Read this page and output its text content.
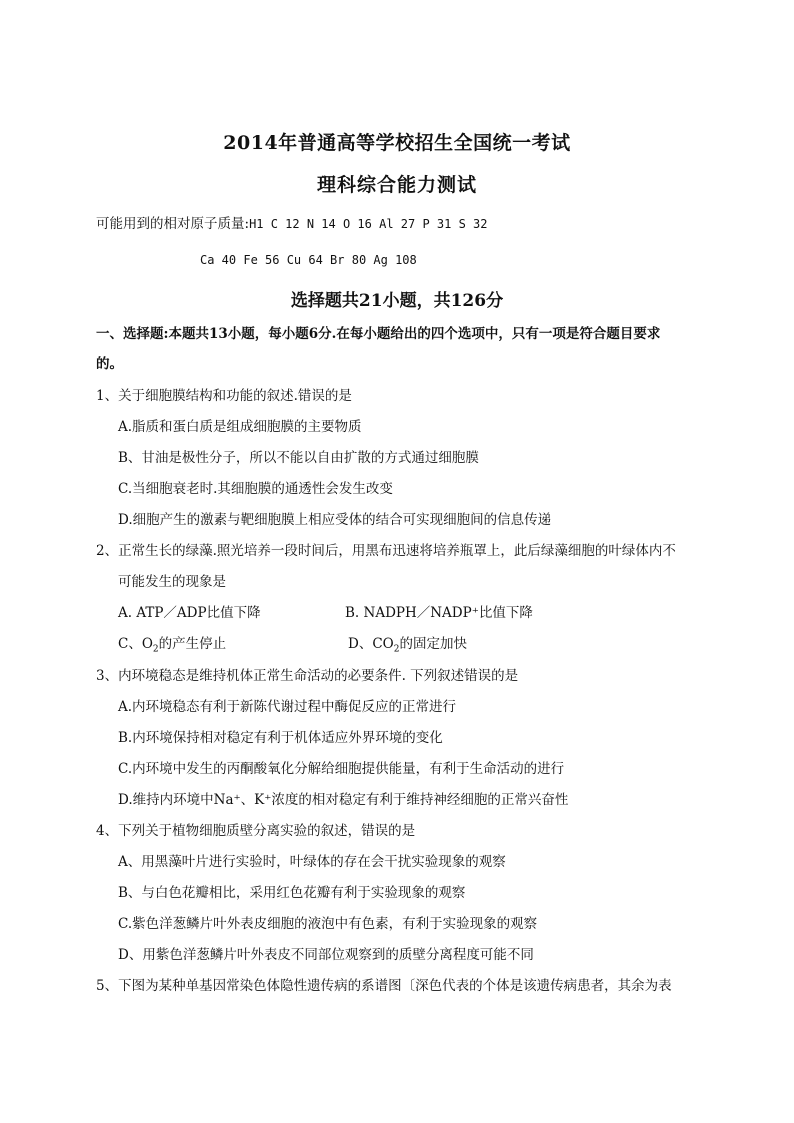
2014年普通高等学校招生全国统一考试
理科综合能力测试
可能用到的相对原子质量:H1 C 12 N 14 O 16 Al 27 P 31 S 32
Ca 40 Fe 56 Cu 64 Br 80 Ag 108
选择题共21小题，共126分
一、选择题:本题共13小题，每小题6分.在每小题给出的四个选项中，只有一项是符合题目要求
的。
1、关于细胞膜结构和功能的叙述.错误的是
A.脂质和蛋白质是组成细胞膜的主要物质
B、甘油是极性分子，所以不能以自由扩散的方式通过细胞膜
C.当细胞衰老时.其细胞膜的通透性会发生改变
D.细胞产生的激素与靶细胞膜上相应受体的结合可实现细胞间的信息传递
2、正常生长的绿藻.照光培养一段时间后，用黑布迅速将培养瓶罩上，此后绿藻细胞的叶绿体内不
可能发生的现象是
A. ATP／ADP比值下降	B. NADPH／NADP⁺比值下降
C、$O_2$的产生停止	D、$CO_2$的固定加快
3、内环境稳态是维持机体正常生命活动的必要条件. 下列叙述错误的是
A.内环境稳态有利于新陈代谢过程中酶促反应的正常进行
B.内环境保持相对稳定有利于机体适应外界环境的变化
C.内环境中发生的丙酮酸氧化分解给细胞提供能量，有利于生命活动的进行
D.维持内环境中Na⁺、K⁺浓度的相对稳定有利于维持神经细胞的正常兴奋性
4、下列关于植物细胞质壁分离实验的叙述，错误的是
A、用黑藻叶片进行实验时，叶绿体的存在会干扰实验现象的观察
B、与白色花瓣相比，采用红色花瓣有利于实验现象的观察
C.紫色洋葱鳞片叶外表皮细胞的液泡中有色素，有利于实验现象的观察
D、用紫色洋葱鳞片叶外表皮不同部位观察到的质壁分离程度可能不同
5、下图为某种单基因常染色体隐性遗传病的系谱图〔深色代表的个体是该遗传病患者，其余为表
